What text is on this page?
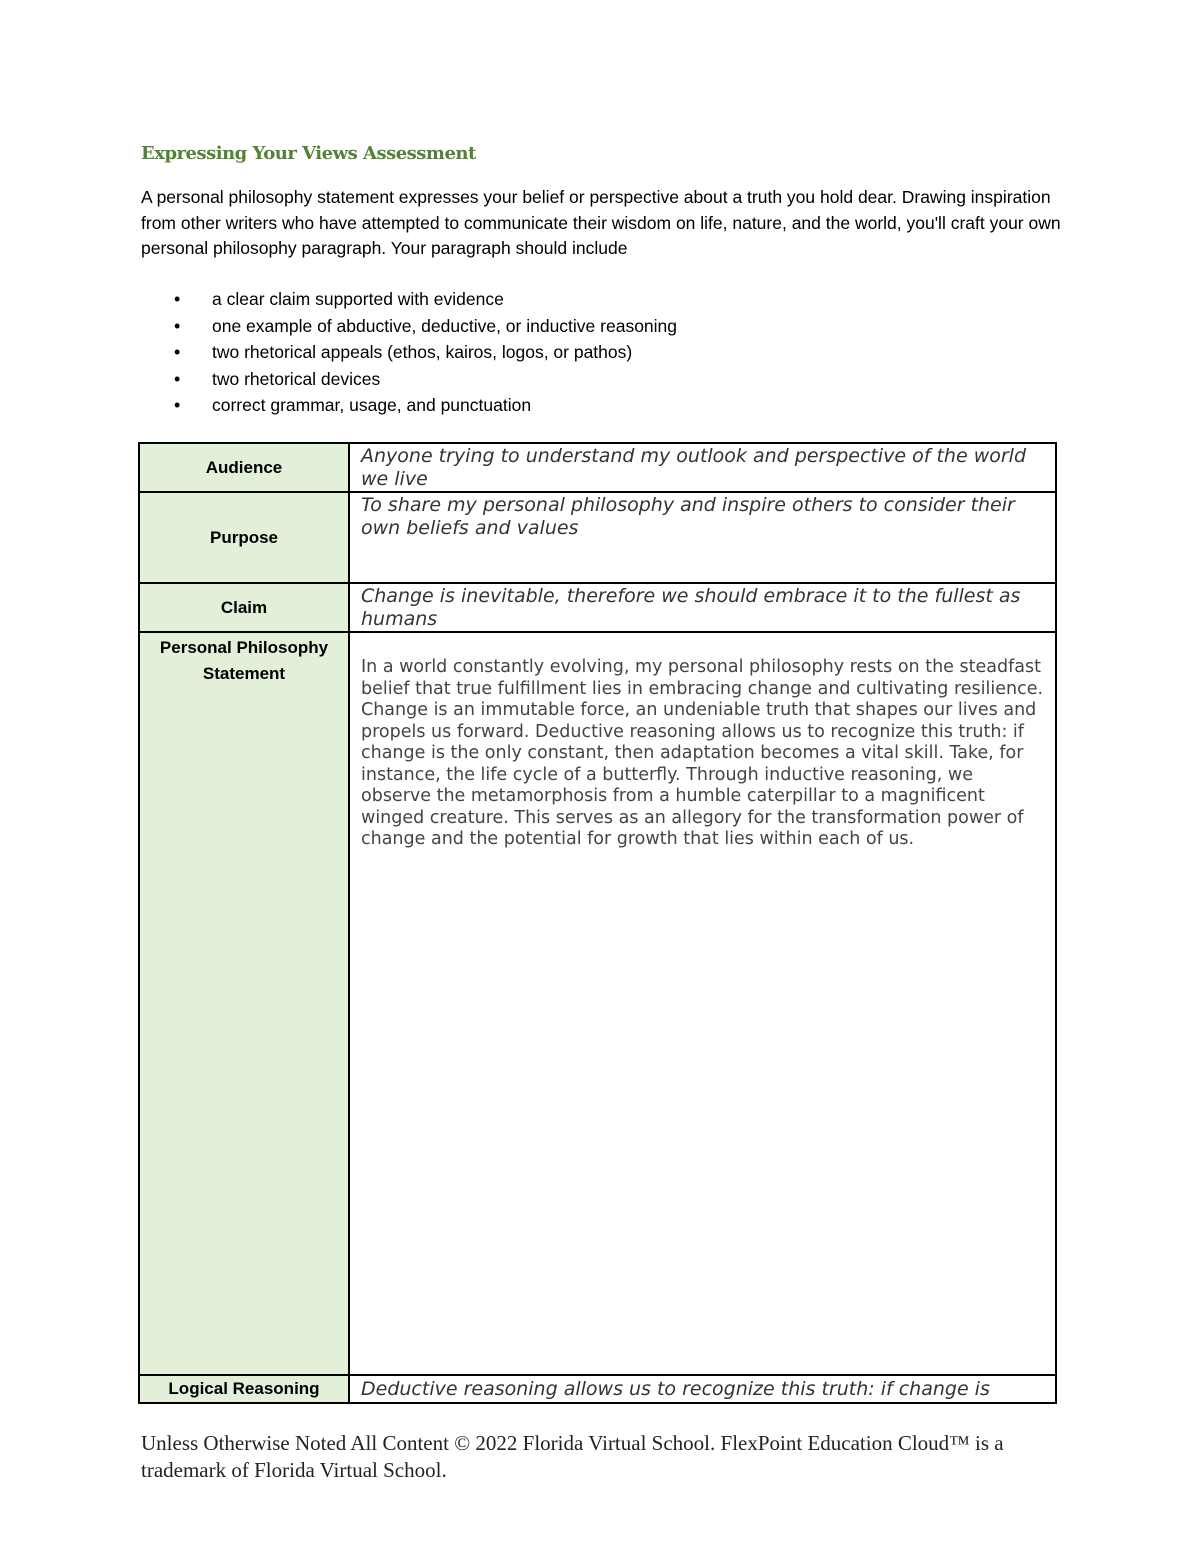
Expressing Your Views Assessment
A personal philosophy statement expresses your belief or perspective about a truth you hold dear. Drawing inspiration from other writers who have attempted to communicate their wisdom on life, nature, and the world, you'll craft your own personal philosophy paragraph. Your paragraph should include
• a clear claim supported with evidence
• one example of abductive, deductive, or inductive reasoning
• two rhetorical appeals (ethos, kairos, logos, or pathos)
• two rhetorical devices
• correct grammar, usage, and punctuation
Audience	Anyone trying to understand my outlook and perspective of the world we live
Purpose	To share my personal philosophy and inspire others to consider their own beliefs and values
Claim	Change is inevitable, therefore we should embrace it to the fullest as humans
Personal Philosophy Statement	In a world constantly evolving, my personal philosophy rests on the steadfast belief that true fulfillment lies in embracing change and cultivating resilience. Change is an immutable force, an undeniable truth that shapes our lives and propels us forward. Deductive reasoning allows us to recognize this truth: if change is the only constant, then adaptation becomes a vital skill. Take, for instance, the life cycle of a butterfly. Through inductive reasoning, we observe the metamorphosis from a humble caterpillar to a magnificent winged creature. This serves as an allegory for the transformation power of change and the potential for growth that lies within each of us.
Logical Reasoning	Deductive reasoning allows us to recognize this truth: if change is
Unless Otherwise Noted All Content © 2022 Florida Virtual School. FlexPoint Education Cloud™ is a trademark of Florida Virtual School.
